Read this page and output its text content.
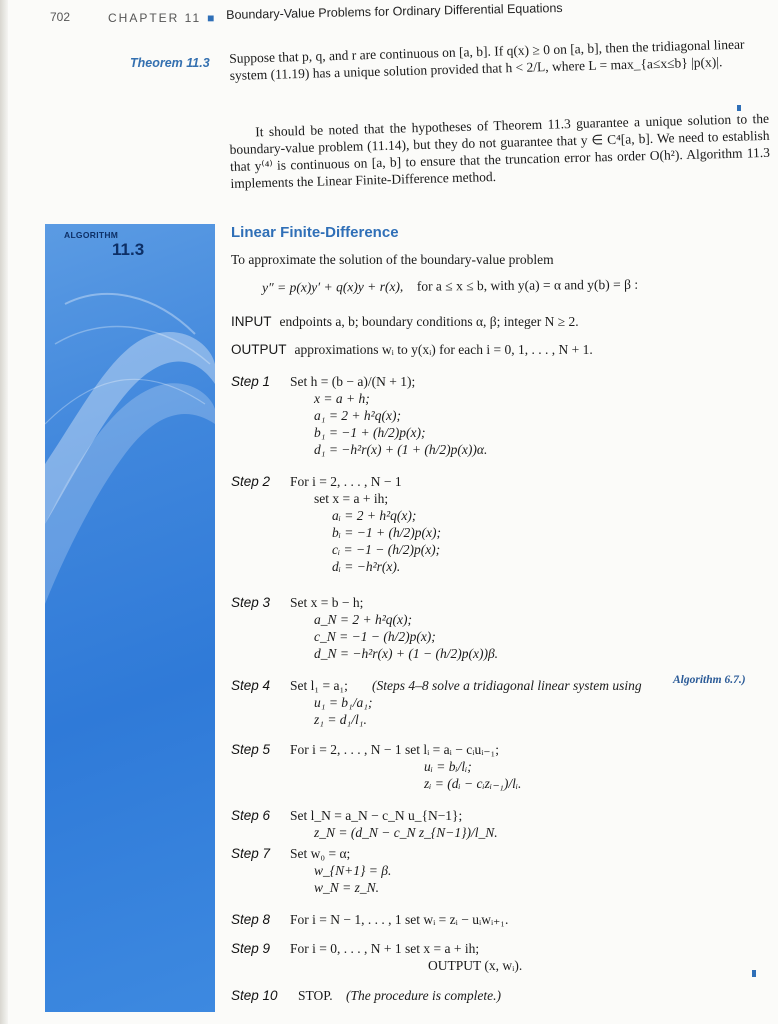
702	CHAPTER 11 ■ Boundary-Value Problems for Ordinary Differential Equations
Theorem 11.3 Suppose that p, q, and r are continuous on [a, b]. If q(x) ≥ 0 on [a, b], then the tridiagonal linear system (11.19) has a unique solution provided that h < 2/L, where L = max_{a≤x≤b} |p(x)|.

It should be noted that the hypotheses of Theorem 11.3 guarantee a unique solution to the boundary-value problem (11.14), but they do not guarantee that y ∈ C⁴[a, b]. We need to establish that y⁽⁴⁾ is continuous on [a, b] to ensure that the truncation error has order O(h²). Algorithm 11.3 implements the Linear Finite-Difference method.

ALGORITHM
11.3
Linear Finite-Difference
To approximate the solution of the boundary-value problem
y″ = p(x)y′ + q(x)y + r(x), for a ≤ x ≤ b, with y(a) = α and y(b) = β :
INPUT endpoints a, b; boundary conditions α, β; integer N ≥ 2.
OUTPUT approximations wᵢ to y(xᵢ) for each i = 0, 1, . . . , N + 1.
Step 1 Set h = (b − a)/(N + 1);
x = a + h;
a₁ = 2 + h²q(x);
b₁ = −1 + (h/2)p(x);
d₁ = −h²r(x) + (1 + (h/2)p(x))α.
Step 2 For i = 2, . . . , N − 1
set x = a + ih;
aᵢ = 2 + h²q(x);
bᵢ = −1 + (h/2)p(x);
cᵢ = −1 − (h/2)p(x);
dᵢ = −h²r(x).
Step 3 Set x = b − h;
a_N = 2 + h²q(x);
c_N = −1 − (h/2)p(x);
d_N = −h²r(x) + (1 − (h/2)p(x))β.
Step 4 Set l₁ = a₁; (Steps 4–8 solve a tridiagonal linear system using	Algorithm 6.7.)
u₁ = b₁/a₁;
z₁ = d₁/l₁.
Step 5 For i = 2, . . . , N − 1 set lᵢ = aᵢ − cᵢuᵢ₋₁;
uᵢ = bᵢ/lᵢ;
zᵢ = (dᵢ − cᵢzᵢ₋₁)/lᵢ.
Step 6 Set l_N = a_N − c_N u_{N−1};
z_N = (d_N − c_N z_{N−1})/l_N.
Step 7 Set w₀ = α;
w_{N+1} = β.
w_N = z_N.
Step 8 For i = N − 1, . . . , 1 set wᵢ = zᵢ − uᵢwᵢ₊₁.
Step 9 For i = 0, . . . , N + 1 set x = a + ih;
OUTPUT (x, wᵢ).
Step 10 STOP. (The procedure is complete.)
